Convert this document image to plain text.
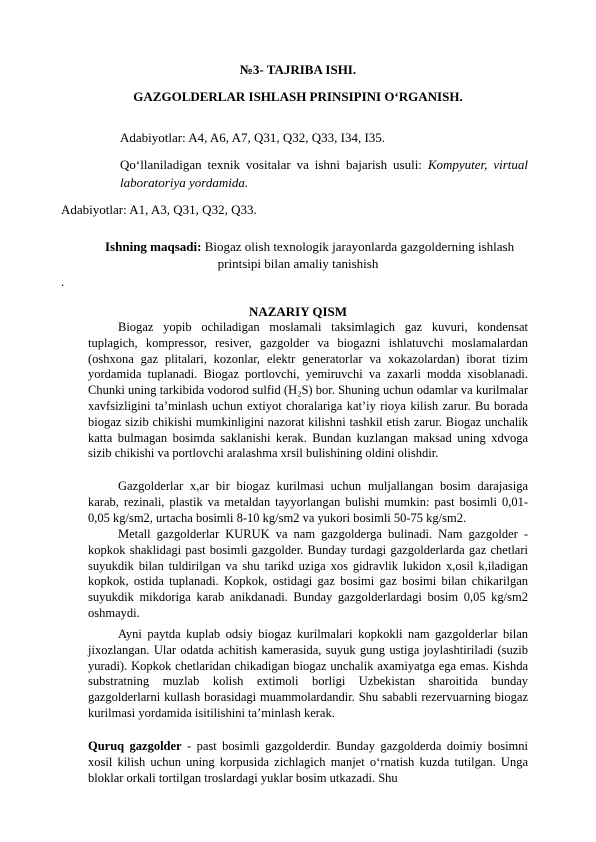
№3- TAJRIBA ISHI.
GAZGOLDERLAR ISHLASH PRINSIPINI O‘RGANISH.
Adabiyotlar: A4, A6, A7, Q31, Q32, Q33, I34, I35.
Qo‘llaniladigan texnik vositalar va ishni bajarish usuli: Kompyuter, virtual
laboratoriya yordamida.
Adabiyotlar: A1, A3, Q31, Q32, Q33.
Ishning maqsadi: Biogaz olish texnologik jarayonlarda gazgolderning ishlash
printsipi bilan amaliy tanishish
.
NAZARIY QISM

Biogaz yopib ochiladigan moslamali taksimlagich gaz kuvuri, kondensat tuplagich, kompressor, resiver, gazgolder va biogazni ishlatuvchi moslamalardan (oshxona gaz plitalari, kozonlar, elektr generatorlar va xokazolardan) iborat tizim yordamida tuplanadi. Biogaz portlovchi, yemiruvchi va zaxarli modda xisoblanadi. Chunki uning tarkibida vodorod sulfid (H₂S) bor. Shuning uchun odamlar va kurilmalar xavfsizligini ta’minlash uchun extiyot choralariga kat’iy rioya kilish zarur. Bu borada biogaz sizib chikishi mumkinligini nazorat kilishni tashkil etish zarur. Biogaz unchalik katta bulmagan bosimda saklanishi kerak. Bundan kuzlangan maksad uning xdvoga sizib chikishi va portlovchi aralashma xrsil bulishining oldini olishdir.

Gazgolderlar x,ar bir biogaz kurilmasi uchun muljallangan bosim darajasiga karab, rezinali, plastik va metaldan tayyorlangan bulishi mumkin: past bosimli 0,01-0,05 kg/sm2, urtacha bosimli 8-10 kg/sm2 va yukori bosimli 50-75 kg/sm2.

Metall gazgolderlar KURUK va nam gazgolderga bulinadi. Nam gazgolder - kopkok shaklidagi past bosimli gazgolder. Bunday turdagi gazgolderlarda gaz chetlari suyukdik bilan tuldirilgan va shu tarikd uziga xos gidravlik lukidon x,osil k,iladigan kopkok, ostida tuplanadi. Kopkok, ostidagi gaz bosimi gaz bosimi bilan chikarilgan suyukdik mikdoriga karab anikdanadi. Bunday gazgolderlardagi bosim 0,05 kg/sm2 oshmaydi.

Ayni paytda kuplab odsiy biogaz kurilmalari kopkokli nam gazgolderlar bilan jixozlangan. Ular odatda achitish kamerasida, suyuk gung ustiga joylashtiriladi (suzib yuradi). Kopkok chetlaridan chikadigan biogaz unchalik axamiyatga ega emas. Kishda substratning muzlab kolish extimoli borligi Uzbekistan sharoitida bunday gazgolderlarni kullash borasidagi muammolardandir. Shu sababli rezervuarning biogaz kurilmasi yordamida isitilishini ta’minlash kerak.

Quruq gazgolder - past bosimli gazgolderdir. Bunday gazgolderda doimiy bosimni xosil kilish uchun uning korpusida zichlagich manjet o‘rnatish kuzda tutilgan. Unga bloklar orkali tortilgan troslardagi yuklar bosim utkazadi. Shu
